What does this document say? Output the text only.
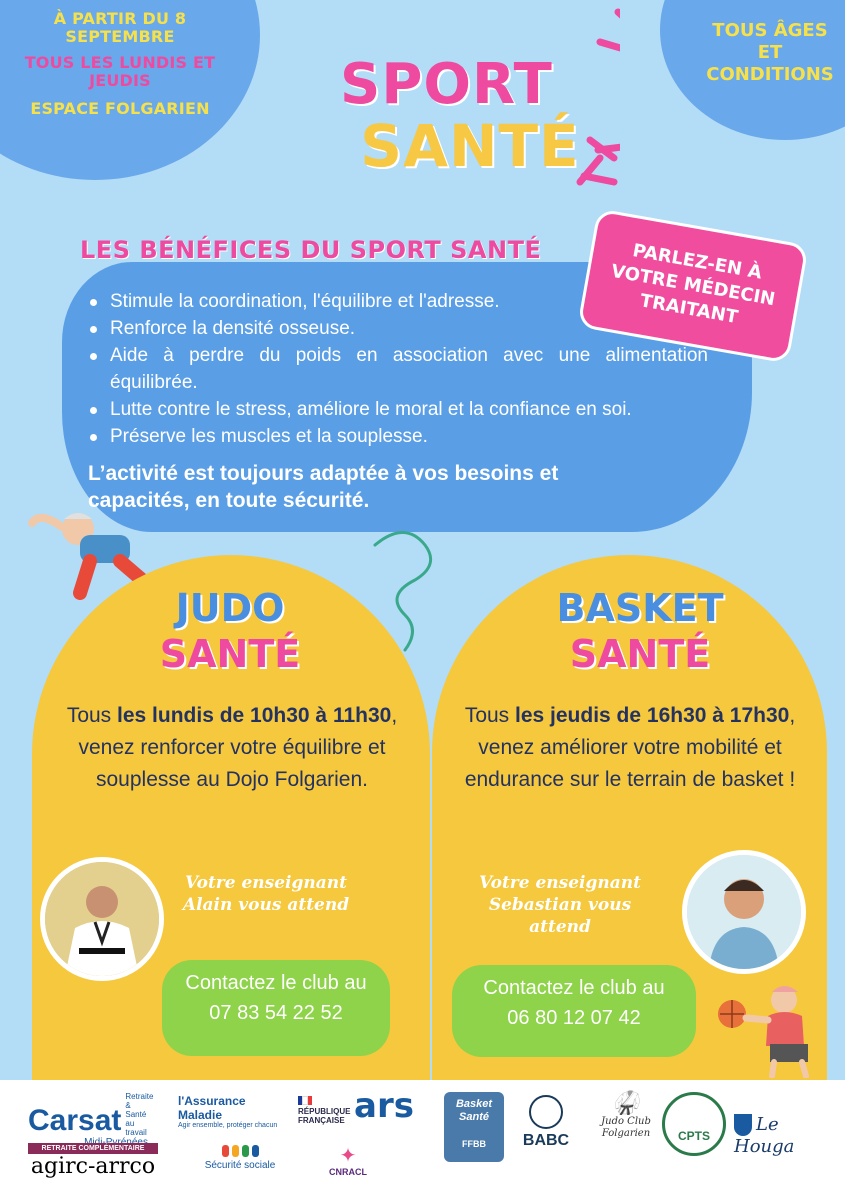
À PARTIR DU 8 SEPTEMBRE
TOUS LES LUNDIS ET JEUDIS
ESPACE FOLGARIEN
TOUS ÂGES ET CONDITIONS
SPORT
SANTÉ
LES BÉNÉFICES DU SPORT SANTÉ	PARLEZ-EN À VOTRE MÉDECIN TRAITANT
Stimule la coordination, l'équilibre et l'adresse.
Renforce la densité osseuse.
Aide à perdre du poids en association avec une alimentation équilibrée.
Lutte contre le stress, améliore le moral et la confiance en soi.
Préserve les muscles et la souplesse.
L’activité est toujours adaptée à vos besoins et capacités, en toute sécurité.
JUDO
SANTÉ
BASKET
SANTÉ
Tous les lundis de 10h30 à 11h30, venez renforcer votre équilibre et souplesse au Dojo Folgarien.
Tous les jeudis de 16h30 à 17h30, venez améliorer votre mobilité et endurance sur le terrain de basket !
Votre enseignant Alain vous attend
Votre enseignant Sebastian vous attend
Contactez le club au
07 83 54 22 52
Contactez le club au
06 80 12 07 42
Carsat
Retraite & Santé au travail
RETRAITE COMPLÉMENTAIRE
agirc-arrco
l'Assurance Maladie
Agir ensemble, protéger chacun
Sécurité sociale
RÉPUBLIQUE FRANÇAISE ars
✦
CNRACL
Basket Santé
FFBB	BABC
🥋
Judo Club Folgarien	CPTS
Le Houga
